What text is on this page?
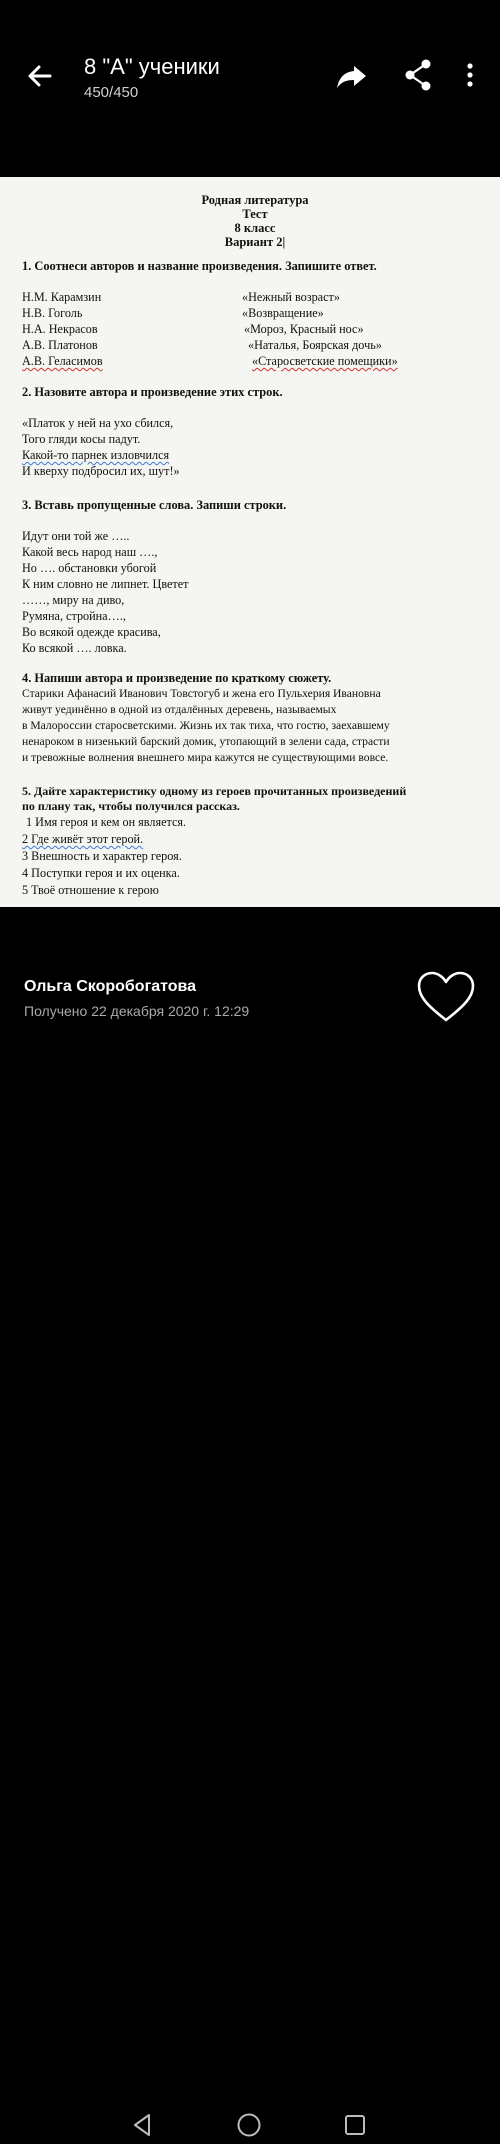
8 "А" ученики
450/450
Родная литература
Тест
8 класс
Вариант 2|
1. Соотнеси авторов и название произведения. Запишите ответ.
Н.М. Карамзин
Н.В. Гоголь
Н.А. Некрасов
А.В. Платонов
А.В. Геласимов
«Нежный возраст»
«Возвращение»
«Мороз, Красный нос»
«Наталья, Боярская дочь»
«Старосветские помещики»
2. Назовите автора и произведение этих строк.
«Платок у ней на ухо сбился,
Того гляди косы падут.
Какой-то парнек изловчился
И кверху подбросил их, шут!»
3. Вставь пропущенные слова. Запиши строки.
Идут они той же …..
Какой весь народ наш ….,
Но …. обстановки убогой
К ним словно не липнет. Цветет
……, миру на диво,
Румяна, стройна….,
Во всякой одежде красива,
Ко всякой …. ловка.
4. Напиши автора и произведение по краткому сюжету.
Старики Афанасий Иванович Товстогуб и жена его Пульхерия Ивановна
живут уединённо в одной из отдалённых деревень, называемых
в Малороссии старосветскими. Жизнь их так тиха, что гостю, заехавшему
ненароком в низенький барский домик, утопающий в зелени сада, страсти
и тревожные волнения внешнего мира кажутся не существующими вовсе.
5. Дайте характеристику одному из героев прочитанных произведений
по плану так, чтобы получился рассказ.
1 Имя героя и кем он является.
2 Где живёт этот герой.
3 Внешность и характер героя.
4 Поступки героя и их оценка.
5 Твоё отношение к герою
Ольга Скоробогатова
Получено 22 декабря 2020 г. 12:29
